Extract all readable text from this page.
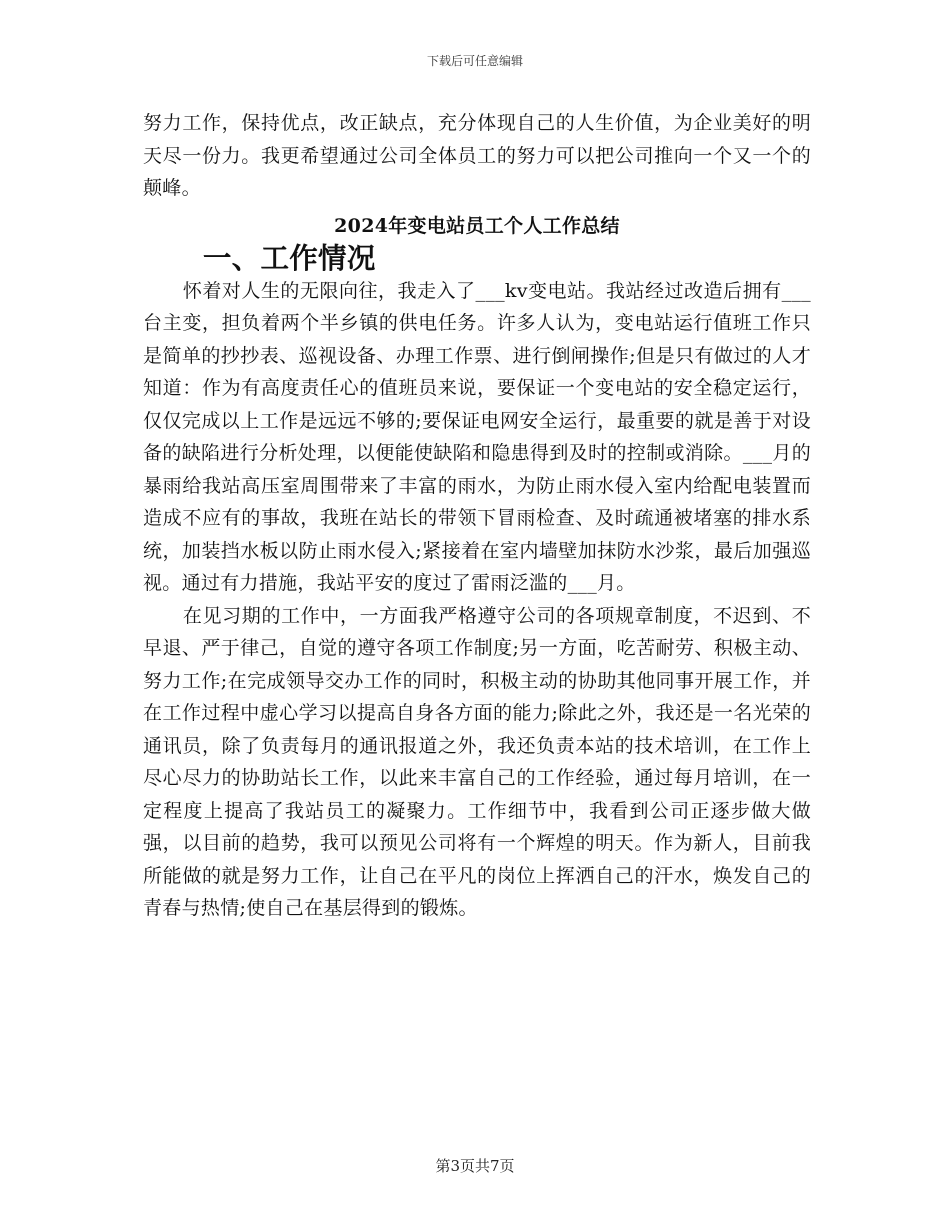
下载后可任意编辑

努力工作，保持优点，改正缺点，充分体现自己的人生价值，为企业美好的明天尽一份力。我更希望通过公司全体员工的努力可以把公司推向一个又一个的颠峰。

2024年变电站员工个人工作总结
一、工作情况

怀着对人生的无限向往，我走入了___kv变电站。我站经过改造后拥有___台主变，担负着两个半乡镇的供电任务。许多人认为，变电站运行值班工作只是简单的抄抄表、巡视设备、办理工作票、进行倒闸操作;但是只有做过的人才知道：作为有高度责任心的值班员来说，要保证一个变电站的安全稳定运行，仅仅完成以上工作是远远不够的;要保证电网安全运行，最重要的就是善于对设备的缺陷进行分析处理，以便能使缺陷和隐患得到及时的控制或消除。___月的暴雨给我站高压室周围带来了丰富的雨水，为防止雨水侵入室内给配电装置而造成不应有的事故，我班在站长的带领下冒雨检查、及时疏通被堵塞的排水系统，加装挡水板以防止雨水侵入;紧接着在室内墙壁加抹防水沙浆，最后加强巡视。通过有力措施，我站平安的度过了雷雨泛滥的___月。

在见习期的工作中，一方面我严格遵守公司的各项规章制度，不迟到、不早退、严于律己，自觉的遵守各项工作制度;另一方面，吃苦耐劳、积极主动、努力工作;在完成领导交办工作的同时，积极主动的协助其他同事开展工作，并在工作过程中虚心学习以提高自身各方面的能力;除此之外，我还是一名光荣的通讯员，除了负责每月的通讯报道之外，我还负责本站的技术培训，在工作上尽心尽力的协助站长工作，以此来丰富自己的工作经验，通过每月培训，在一定程度上提高了我站员工的凝聚力。工作细节中，我看到公司正逐步做大做强，以目前的趋势，我可以预见公司将有一个辉煌的明天。作为新人，目前我所能做的就是努力工作，让自己在平凡的岗位上挥洒自己的汗水，焕发自己的青春与热情;使自己在基层得到的锻炼。

第3页共7页
